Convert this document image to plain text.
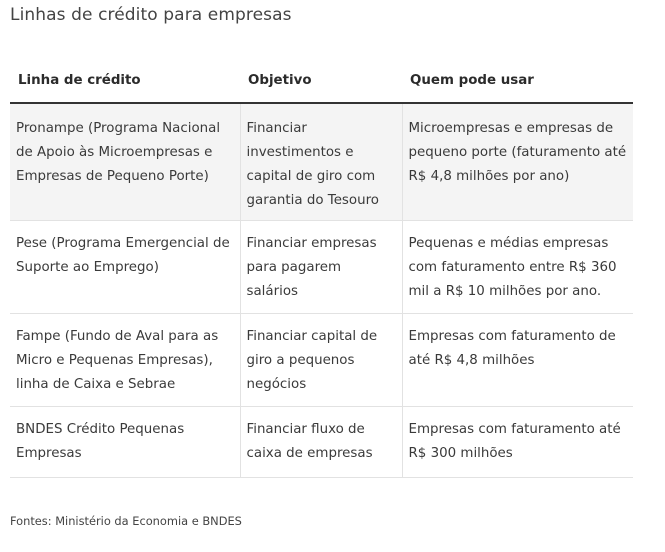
Linhas de crédito para empresas
Linha de crédito	Objetivo	Quem pode usar
Pronampe (Programa Nacional de Apoio às Microempresas e Empresas de Pequeno Porte)	Financiar investimentos e capital de giro com garantia do Tesouro	Microempresas e empresas de pequeno porte (faturamento até R$ 4,8 milhões por ano)
Pese (Programa Emergencial de Suporte ao Emprego)	Financiar empresas para pagarem salários	Pequenas e médias empresas com faturamento entre R$ 360 mil a R$ 10 milhões por ano.
Fampe (Fundo de Aval para as Micro e Pequenas Empresas), linha de Caixa e Sebrae	Financiar capital de giro a pequenos negócios	Empresas com faturamento de até R$ 4,8 milhões
BNDES Crédito Pequenas Empresas	Financiar fluxo de caixa de empresas	Empresas com faturamento até R$ 300 milhões
Fontes: Ministério da Economia e BNDES
